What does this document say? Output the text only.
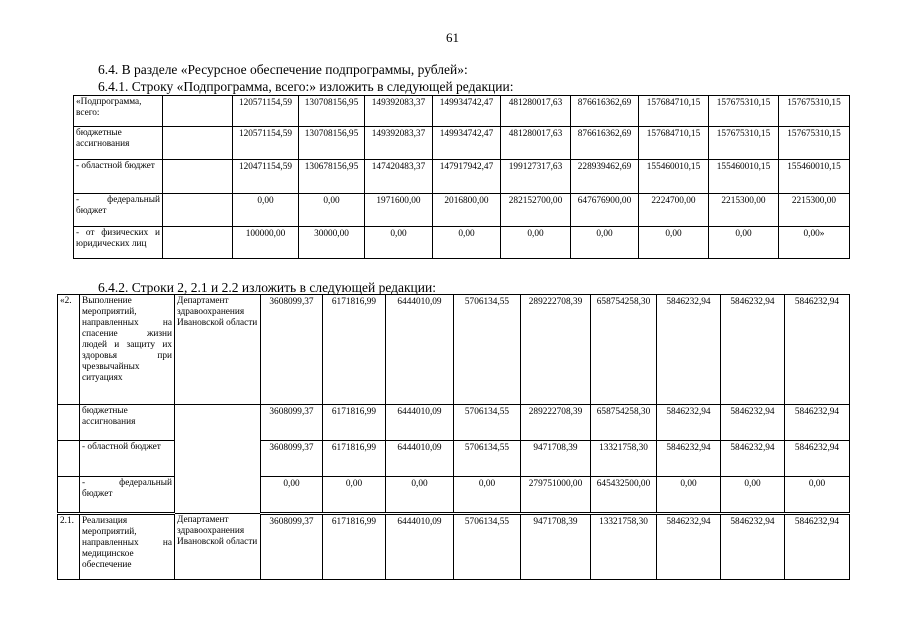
61
6.4. В разделе «Ресурсное обеспечение подпрограммы, рублей»:
6.4.1. Строку «Подпрограмма, всего:» изложить в следующей редакции:
«Подпрограмма, всего:		120571154,59	130708156,95	149392083,37	149934742,47	481280017,63	876616362,69	157684710,15	157675310,15	157675310,15
бюджетные ассигнования		120571154,59	130708156,95	149392083,37	149934742,47	481280017,63	876616362,69	157684710,15	157675310,15	157675310,15
- областной бюджет		120471154,59	130678156,95	147420483,37	147917942,47	199127317,63	228939462,69	155460010,15	155460010,15	155460010,15
- федеральный бюджет		0,00	0,00	1971600,00	2016800,00	282152700,00	647676900,00	2224700,00	2215300,00	2215300,00
- от физических и юридических лиц		100000,00	30000,00	0,00	0,00	0,00	0,00	0,00	0,00	0,00»
6.4.2. Строки 2, 2.1 и 2.2 изложить в следующей редакции:
«2.	Выполнение мероприятий, направленных на спасение жизни людей и защиту их здоровья при чрезвычайных ситуациях	Департамент здравоохранения Ивановской области	3608099,37	6171816,99	6444010,09	5706134,55	289222708,39	658754258,30	5846232,94	5846232,94	5846232,94
	бюджетные ассигнования		3608099,37	6171816,99	6444010,09	5706134,55	289222708,39	658754258,30	5846232,94	5846232,94	5846232,94
	- областной бюджет		3608099,37	6171816,99	6444010,09	5706134,55	9471708,39	13321758,30	5846232,94	5846232,94	5846232,94
	- федеральный бюджет		0,00	0,00	0,00	0,00	279751000,00	645432500,00	0,00	0,00	0,00
2.1.	Реализация мероприятий, направленных на медицинское обеспечение	Департамент здравоохранения Ивановской области	3608099,37	6171816,99	6444010,09	5706134,55	9471708,39	13321758,30	5846232,94	5846232,94	5846232,94
